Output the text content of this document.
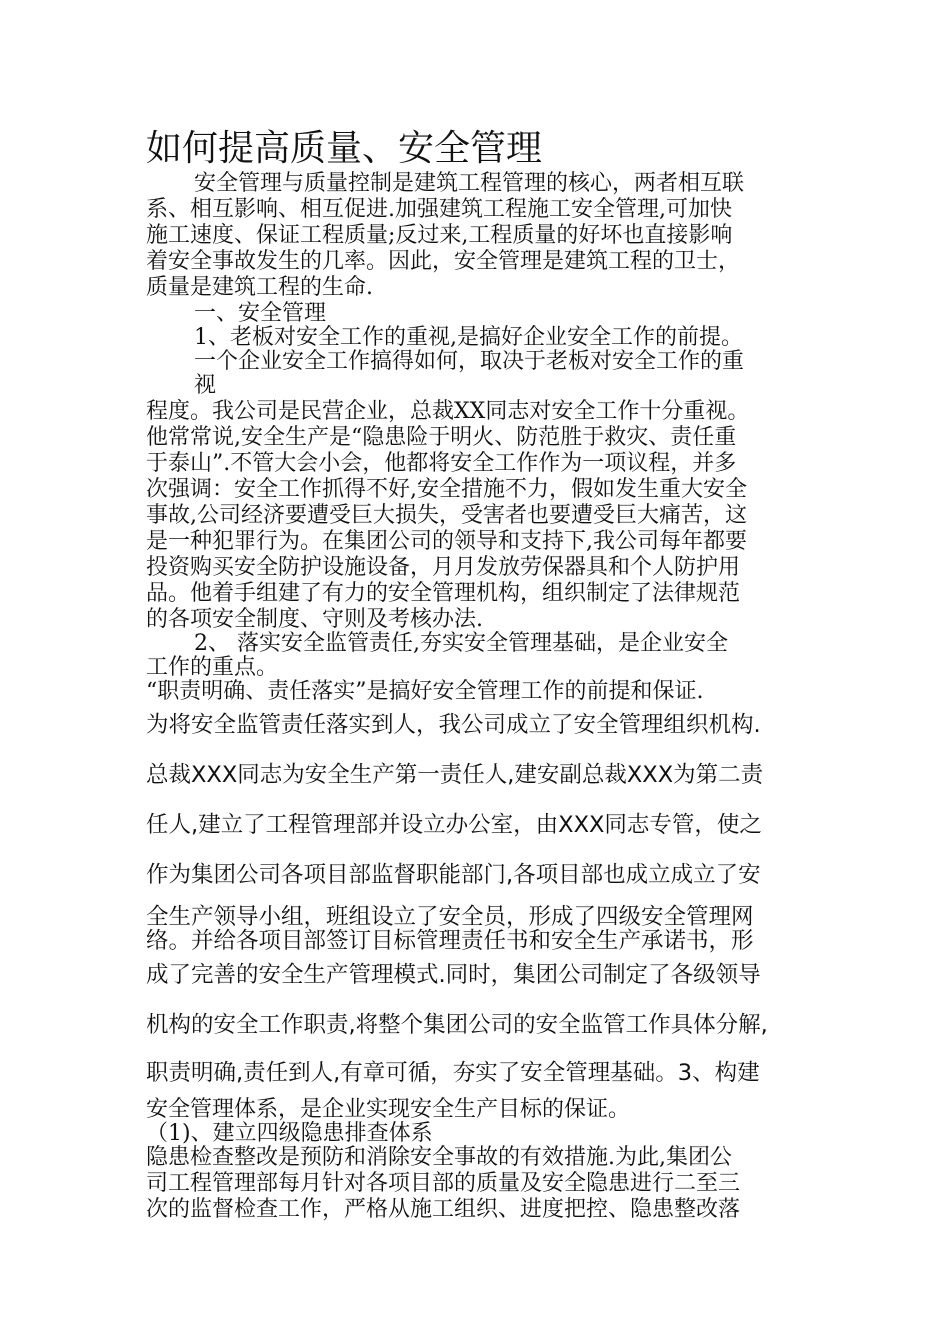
如何提高质量、安全管理
安全管理与质量控制是建筑工程管理的核心，两者相互联
系、相互影响、相互促进.加强建筑工程施工安全管理,可加快
施工速度、保证工程质量;反过来,工程质量的好坏也直接影响
着安全事故发生的几率。因此，安全管理是建筑工程的卫士，
质量是建筑工程的生命.
一、安全管理
1、老板对安全工作的重视,是搞好企业安全工作的前提。
一个企业安全工作搞得如何，取决于老板对安全工作的重
视
程度。我公司是民营企业，总裁XX同志对安全工作十分重视。
他常常说,安全生产是“隐患险于明火、防范胜于救灾、责任重
于泰山”.不管大会小会，他都将安全工作作为一项议程，并多
次强调：安全工作抓得不好,安全措施不力，假如发生重大安全
事故,公司经济要遭受巨大损失，受害者也要遭受巨大痛苦，这
是一种犯罪行为。在集团公司的领导和支持下,我公司每年都要
投资购买安全防护设施设备，月月发放劳保器具和个人防护用
品。他着手组建了有力的安全管理机构，组织制定了法律规范
的各项安全制度、守则及考核办法.
2、 落实安全监管责任,夯实安全管理基础，是企业安全
工作的重点。
“职责明确、责任落实”是搞好安全管理工作的前提和保证.
为将安全监管责任落实到人，我公司成立了安全管理组织机构.
总裁XXX同志为安全生产第一责任人,建安副总裁XXX为第二责
任人,建立了工程管理部并设立办公室，由XXX同志专管，使之
作为集团公司各项目部监督职能部门,各项目部也成立成立了安
全生产领导小组，班组设立了安全员，形成了四级安全管理网
络。并给各项目部签订目标管理责任书和安全生产承诺书，形
成了完善的安全生产管理模式.同时，集团公司制定了各级领导
机构的安全工作职责,将整个集团公司的安全监管工作具体分解,
职责明确,责任到人,有章可循，夯实了安全管理基础。3、构建
安全管理体系，是企业实现安全生产目标的保证。
（1)、建立四级隐患排查体系
隐患检查整改是预防和消除安全事故的有效措施.为此,集团公
司工程管理部每月针对各项目部的质量及安全隐患进行二至三
次的监督检查工作，严格从施工组织、进度把控、隐患整改落
